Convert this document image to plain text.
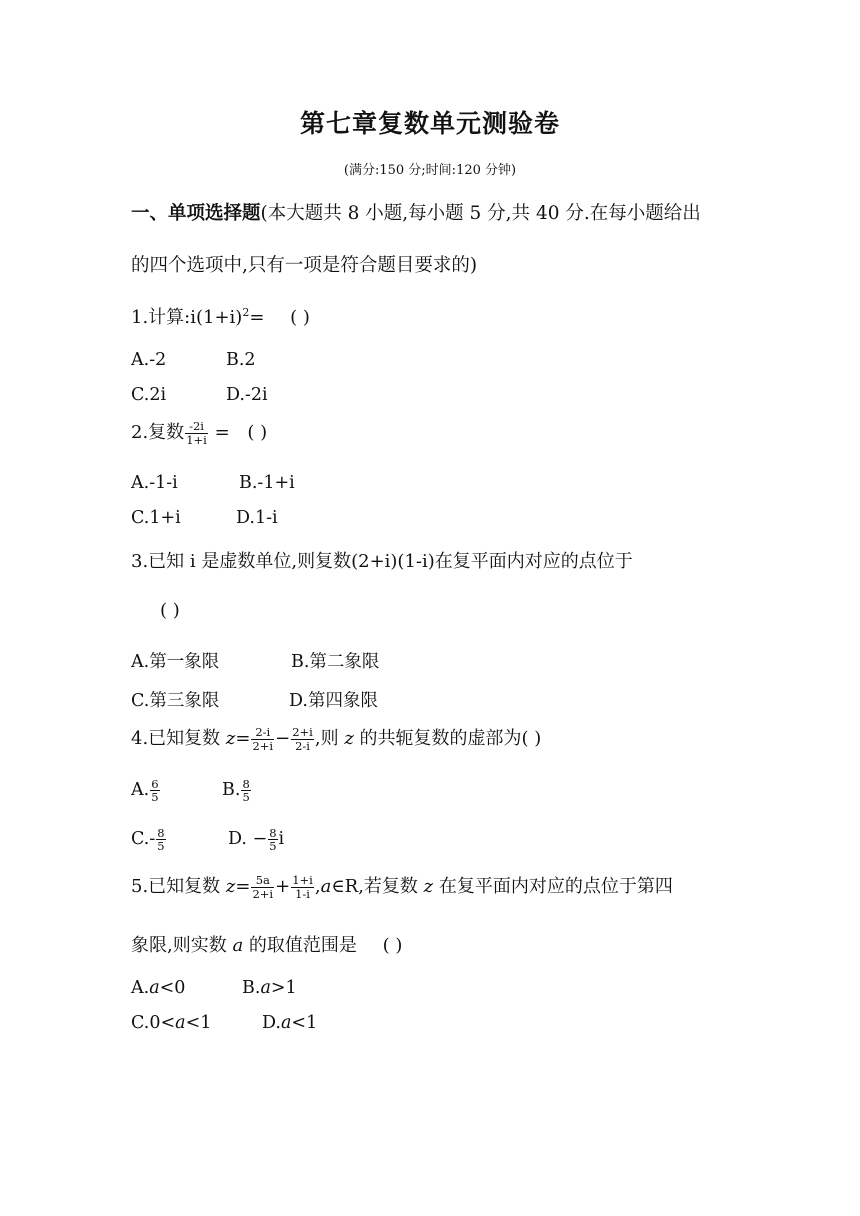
第七章复数单元测验卷
(满分:150 分;时间:120 分钟)
一、单项选择题(本大题共 8 小题,每小题 5 分,共 40 分.在每小题给出
的四个选项中,只有一项是符合题目要求的)
1.计算$:i(1+i)^2=$ ( )
A.-2	B.2
C.2i	D.-2i
2.复数 $\frac{-2i}{1+i}$ = ( )
A.-1-i	B.-1+i
C.1+i	D.1-i
3.已知 i 是虚数单位,则复数(2+i)(1-i)在复平面内对应的点位于
( )
A.第一象限	B.第二象限
C.第三象限	D.第四象限
4.已知复数 $z= \frac{2-i}{2+i} - \frac{2+i}{2-i}$ ,则 z 的共轭复数的虚部为( )
A. $\frac{6}{5}$	B. $\frac{8}{5}$
$C.- \frac{8}{5}$	D. − $\frac{8}{5}$ i
5.已知复数 $z= \frac{5a}{2+i} + \frac{1+i}{1-i}$ ,a∈R,若复数 z 在复平面内对应的点位于第四
象限,则实数 a 的取值范围是 ( )
A.a<0	B.a>1
C.0<a<1	D.a<1
